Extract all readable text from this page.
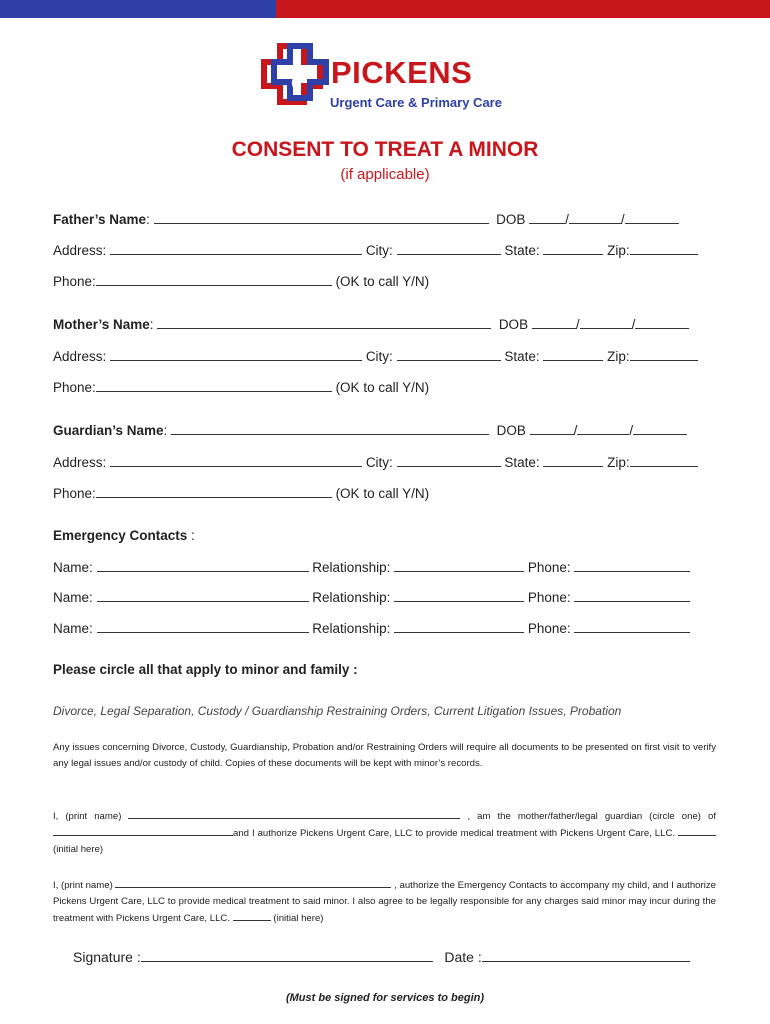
PICKENS
Urgent Care & Primary Care
CONSENT TO TREAT A MINOR
(if applicable)
Father’s Name:	DOB	/	/
Address:	City:	State:	Zip:
Phone:	(OK to call Y/N)
Mother’s Name:	DOB	/	/
Address:	City:	State:	Zip:
Phone:	(OK to call Y/N)
Guardian’s Name:	DOB	/	/
Address:	City:	State:	Zip:
Phone:	(OK to call Y/N)
Emergency Contacts :
Name:	Relationship:	Phone:
Name:	Relationship:	Phone:
Name:	Relationship:	Phone:
Please circle all that apply to minor and family :
Divorce, Legal Separation, Custody / Guardianship Restraining Orders, Current Litigation Issues, Probation
Any issues concerning Divorce, Custody, Guardianship, Probation and/or Restraining Orders will require all documents to be presented on first visit to verify any legal issues and/or custody of child. Copies of these documents will be kept with minor’s records.
I, (print name)	, am the mother/father/legal guardian (circle one) of and I authorize Pickens Urgent Care, LLC to provide medical treatment with Pickens Urgent Care, LLC.  (initial here)
I, (print name)	, authorize the Emergency Contacts to accompany my child, and I authorize Pickens Urgent Care, LLC to provide medical treatment to said minor. I also agree to be legally responsible for any charges said minor may incur during the treatment with Pickens Urgent Care, LLC.	(initial here)
Signature :	Date :
(Must be signed for services to begin)
